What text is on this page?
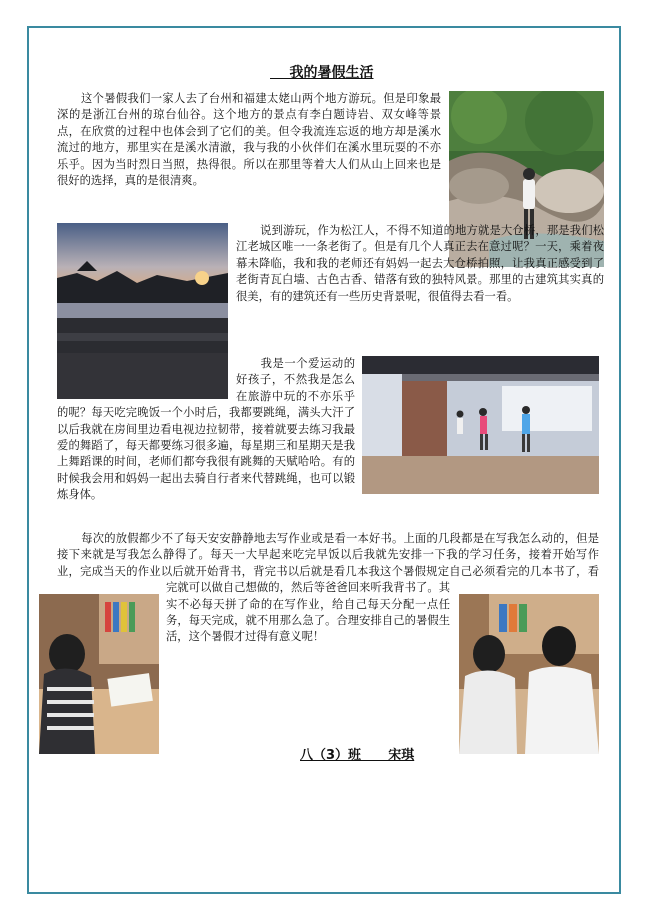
我的暑假生活

这个暑假我们一家人去了台州和福建太姥山两个地方游玩。但是印象最深的是浙江台州的琼台仙谷。这个地方的景点有李白题诗岩、双女峰等景点，在欣赏的过程中也体会到了它们的美。但令我流连忘返的地方却是溪水流过的地方，那里实在是溪水清澈，我与我的小伙伴们在溪水里玩耍的不亦乐乎。因为当时烈日当照，热得很。所以在那里等着大人们从山上回来也是很好的选择，真的是很清爽。

说到游玩，作为松江人，不得不知道的地方就是大仓桥，那是我们松江老城区唯一一条老街了。但是有几个人真正去在意过呢？一天，乘着夜幕未降临，我和我的老师还有妈妈一起去大仓桥拍照，让我真正感受到了老街青瓦白墙、古色古香、错落有致的独特风景。那里的古建筑其实真的很美，有的建筑还有一些历史背景呢，很值得去看一看。

我是一个爱运动的好孩子，不然我是怎么在旅游中玩的不亦乐乎的呢？每天吃完晚饭一个小时后，我都要跳绳，满头大汗了以后我就在房间里边看电视边拉韧带，接着就要去练习我最爱的舞蹈了，每天都要练习很多遍，每星期三和星期天是我上舞蹈课的时间，老师们都夸我很有跳舞的天赋哈哈。有的时候我会用和妈妈一起出去骑自行者来代替跳绳，也可以锻炼身体。

每次的放假都少不了每天安安静静地去写作业或是看一本好书。上面的几段都是在写我怎么动的，但是接下来就是写我怎么静得了。每天一大早起来吃完早饭以后我就先安排一下我的学习任务，接着开始写作业，完成当天的作业以后就开始背书，背完书以后就是看几本我这个暑假规定自己必须看完的几本书了，看完就可以做自己想做的，然后等爸爸回来听我背书了。其实不必每天拼了命的在写作业，给自己每天分配一点任务，每天完成，就不用那么急了。合理安排自己的暑假生活，这个暑假才过得有意义呢！

八（3）班      宋琪
